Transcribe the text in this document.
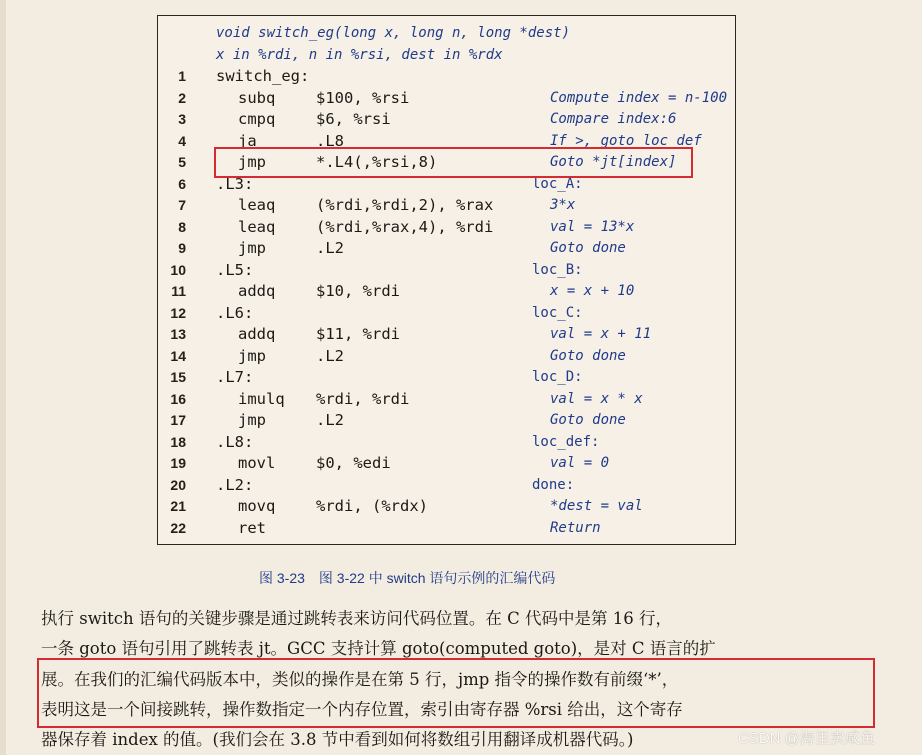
void switch_eg(long x, long n, long *dest)
x in %rdi, n in %rsi, dest in %rdx
1 switch_eg:
2	subq	$100, %rsi	Compute index = n-100
3	cmpq	$6, %rsi	Compare index:6
4	ja	.L8	If >, goto loc_def
5	jmp	*.L4(,%rsi,8)	Goto *jt[index]
6 .L3:	loc_A:
7	leaq	(%rdi,%rdi,2), %rax	3*x
8	leaq	(%rdi,%rax,4), %rdi	val = 13*x
9	jmp	.L2	Goto done
10 .L5:	loc_B:
11	addq	$10, %rdi	x = x + 10
12 .L6:	loc_C:
13	addq	$11, %rdi	val = x + 11
14	jmp	.L2	Goto done
15 .L7:	loc_D:
16	imulq %rdi, %rdi	val = x * x
17	jmp	.L2	Goto done
18 .L8:	loc_def:
19	movl	$0, %edi	val = 0
20 .L2:	done:
21	movq	%rdi, (%rdx)	*dest = val
22	ret	Return
图 3-23 图 3-22 中 switch 语句示例的汇编代码
执行 switch 语句的关键步骤是通过跳转表来访问代码位置。在 C 代码中是第 16 行，
一条 goto 语句引用了跳转表 jt。GCC 支持计算 goto(computed goto)，是对 C 语言的扩
展。在我们的汇编代码版本中，类似的操作是在第 5 行，jmp 指令的操作数有前缀‘*’，
表明这是一个间接跳转，操作数指定一个内存位置，索引由寄存器 %rsi 给出，这个寄存
器保存着 index 的值。(我们会在 3.8 节中看到如何将数组引用翻译成机器代码。)	CSDN @海里卖咸鱼
